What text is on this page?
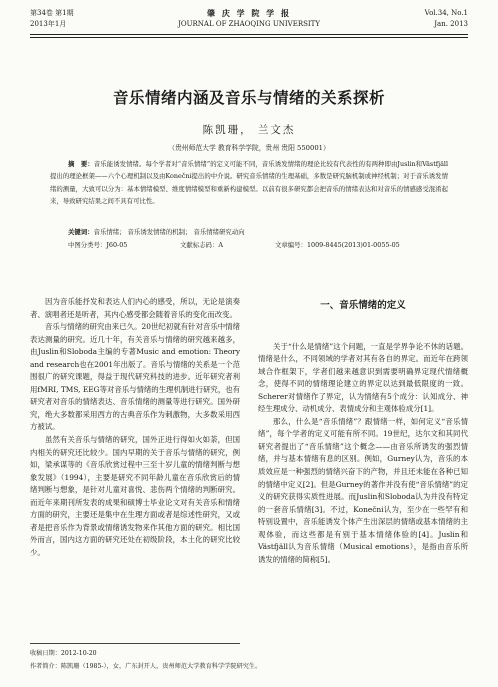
第34卷 第1期
2013年1月
肇 庆 学 院 学 报
JOURNAL OF ZHAOQING UNIVERSITY
Vol.34, No.1
Jan. 2013
音乐情绪内涵及音乐与情绪的关系探析
陈凯珊， 兰文杰
（贵州师范大学 教育科学学院，贵州 贵阳 550001）
摘　要：音乐能诱发情绪。每个学者对“音乐情绪”的定义可能不同，音乐诱发情绪的理论比较有代表性的有两种即由Juslin和Västfjäll提出的理论框架——六个心理机制以及由Konečni提出的中介说。研究音乐情绪的生理基础，多数是研究脑机制或神经机制；对于音乐诱发情绪的测量，大致可以分为：基本情绪模型、维度情绪模型和重新构建模型。以前有很多研究都会把音乐的情绪表达和对音乐的情感感受混淆起来，导致研究结果之间不具有可比性。
关键词：音乐情绪； 音乐诱发情绪的机制； 音乐情绪研究动向
中图分类号：J60-05	文献标志码：A	文章编号：1009-8445(2013)01-0055-05

因为音乐能抒发和表达人们内心的感受，所以，无论是演奏者、演唱者还是听者，其内心感受都会随着音乐的变化而改变。

音乐与情绪的研究由来已久。20世纪初就有针对音乐中情绪表达测量的研究。近几十年，有关音乐与情绪的研究越来越多，由Juslin和Sloboda主编的专著Music and emotion: Theory and research也在2001年出版了。音乐与情绪的关系是一个范围很广的研究课题，得益于现代研究科技的进步。近年研究者利用fMRI, TMS, EEG等对音乐与情绪的生理机制进行研究，也有研究者对音乐的情绪表达、音乐情绪的测量等进行研究。国外研究，绝大多数都采用西方的古典音乐作为刺激物，大多数采用西方被试。

虽然有关音乐与情绪的研究，国外正进行得如火如荼，但国内相关的研究还比较少。国内早期的关于音乐与情绪的研究，例如，梁承谋等的《音乐欣赏过程中三至十岁儿童的情绪判断与想象发展》（1994），主要是研究不同年龄儿童在音乐欣赏后的情绪判断与想象，是针对儿童对喜悦、悲伤两个情绪的判断研究。而近年来期刊所发表的成果和硕博士毕业论文对有关音乐和情绪方面的研究，主要还是集中在生理方面或者是综述性研究，又或者是把音乐作为背景或情绪诱发物来作其他方面的研究。相比国外而言，国内这方面的研究还处在初级阶段，本土化的研究比较少。

一、音乐情绪的定义

关于“什么是情绪”这个问题，一直是学界争论不休的话题。情绪是什么，不同领域的学者对其有各自的界定。而近年在跨领域合作框架下，学者们越来越意识到需要明确界定现代情绪概念，使得不同的情绪理论建立的界定以达到最低限度的一致。Scherer对情绪作了界定，认为情绪有5个成分：认知成分、神经生理成分、动机成分、表情成分和主观体验成分[1]。

那么，什么是“音乐情绪”？跟情绪一样，如何定义“音乐情绪”，每个学者的定义可能有所不同。19世纪，达尔文和其同代研究者提出了“音乐情绪”这个概念——由音乐所诱发的强烈情绪，并与基本情绪有息的区别。例如，Gurney认为，音乐的本质效应是一种强烈的情绪兴奋下的产物，并且还未能在各种已知的情绪中定义[2]。但是Gurney的著作并没有使“音乐情绪”的定义的研究获得实质性进展。而Juslin和Sloboda认为并没有特定的一套音乐情绪[3]。不过，Konečni认为，至少在一些罕有和特别设置中，音乐能诱发个体产生出深层的情绪或基本情绪的主观体验，而这些都是有别于基本情绪体验的[4]。Juslin和Västfjäll认为音乐情绪（Musical emotions），是指由音乐所诱发的情绪的简称[5]。

收稿日期：2012-10-20
作者简介：陈凯珊（1985-），女，广东封开人，贵州师范大学教育科学学院研究生。
